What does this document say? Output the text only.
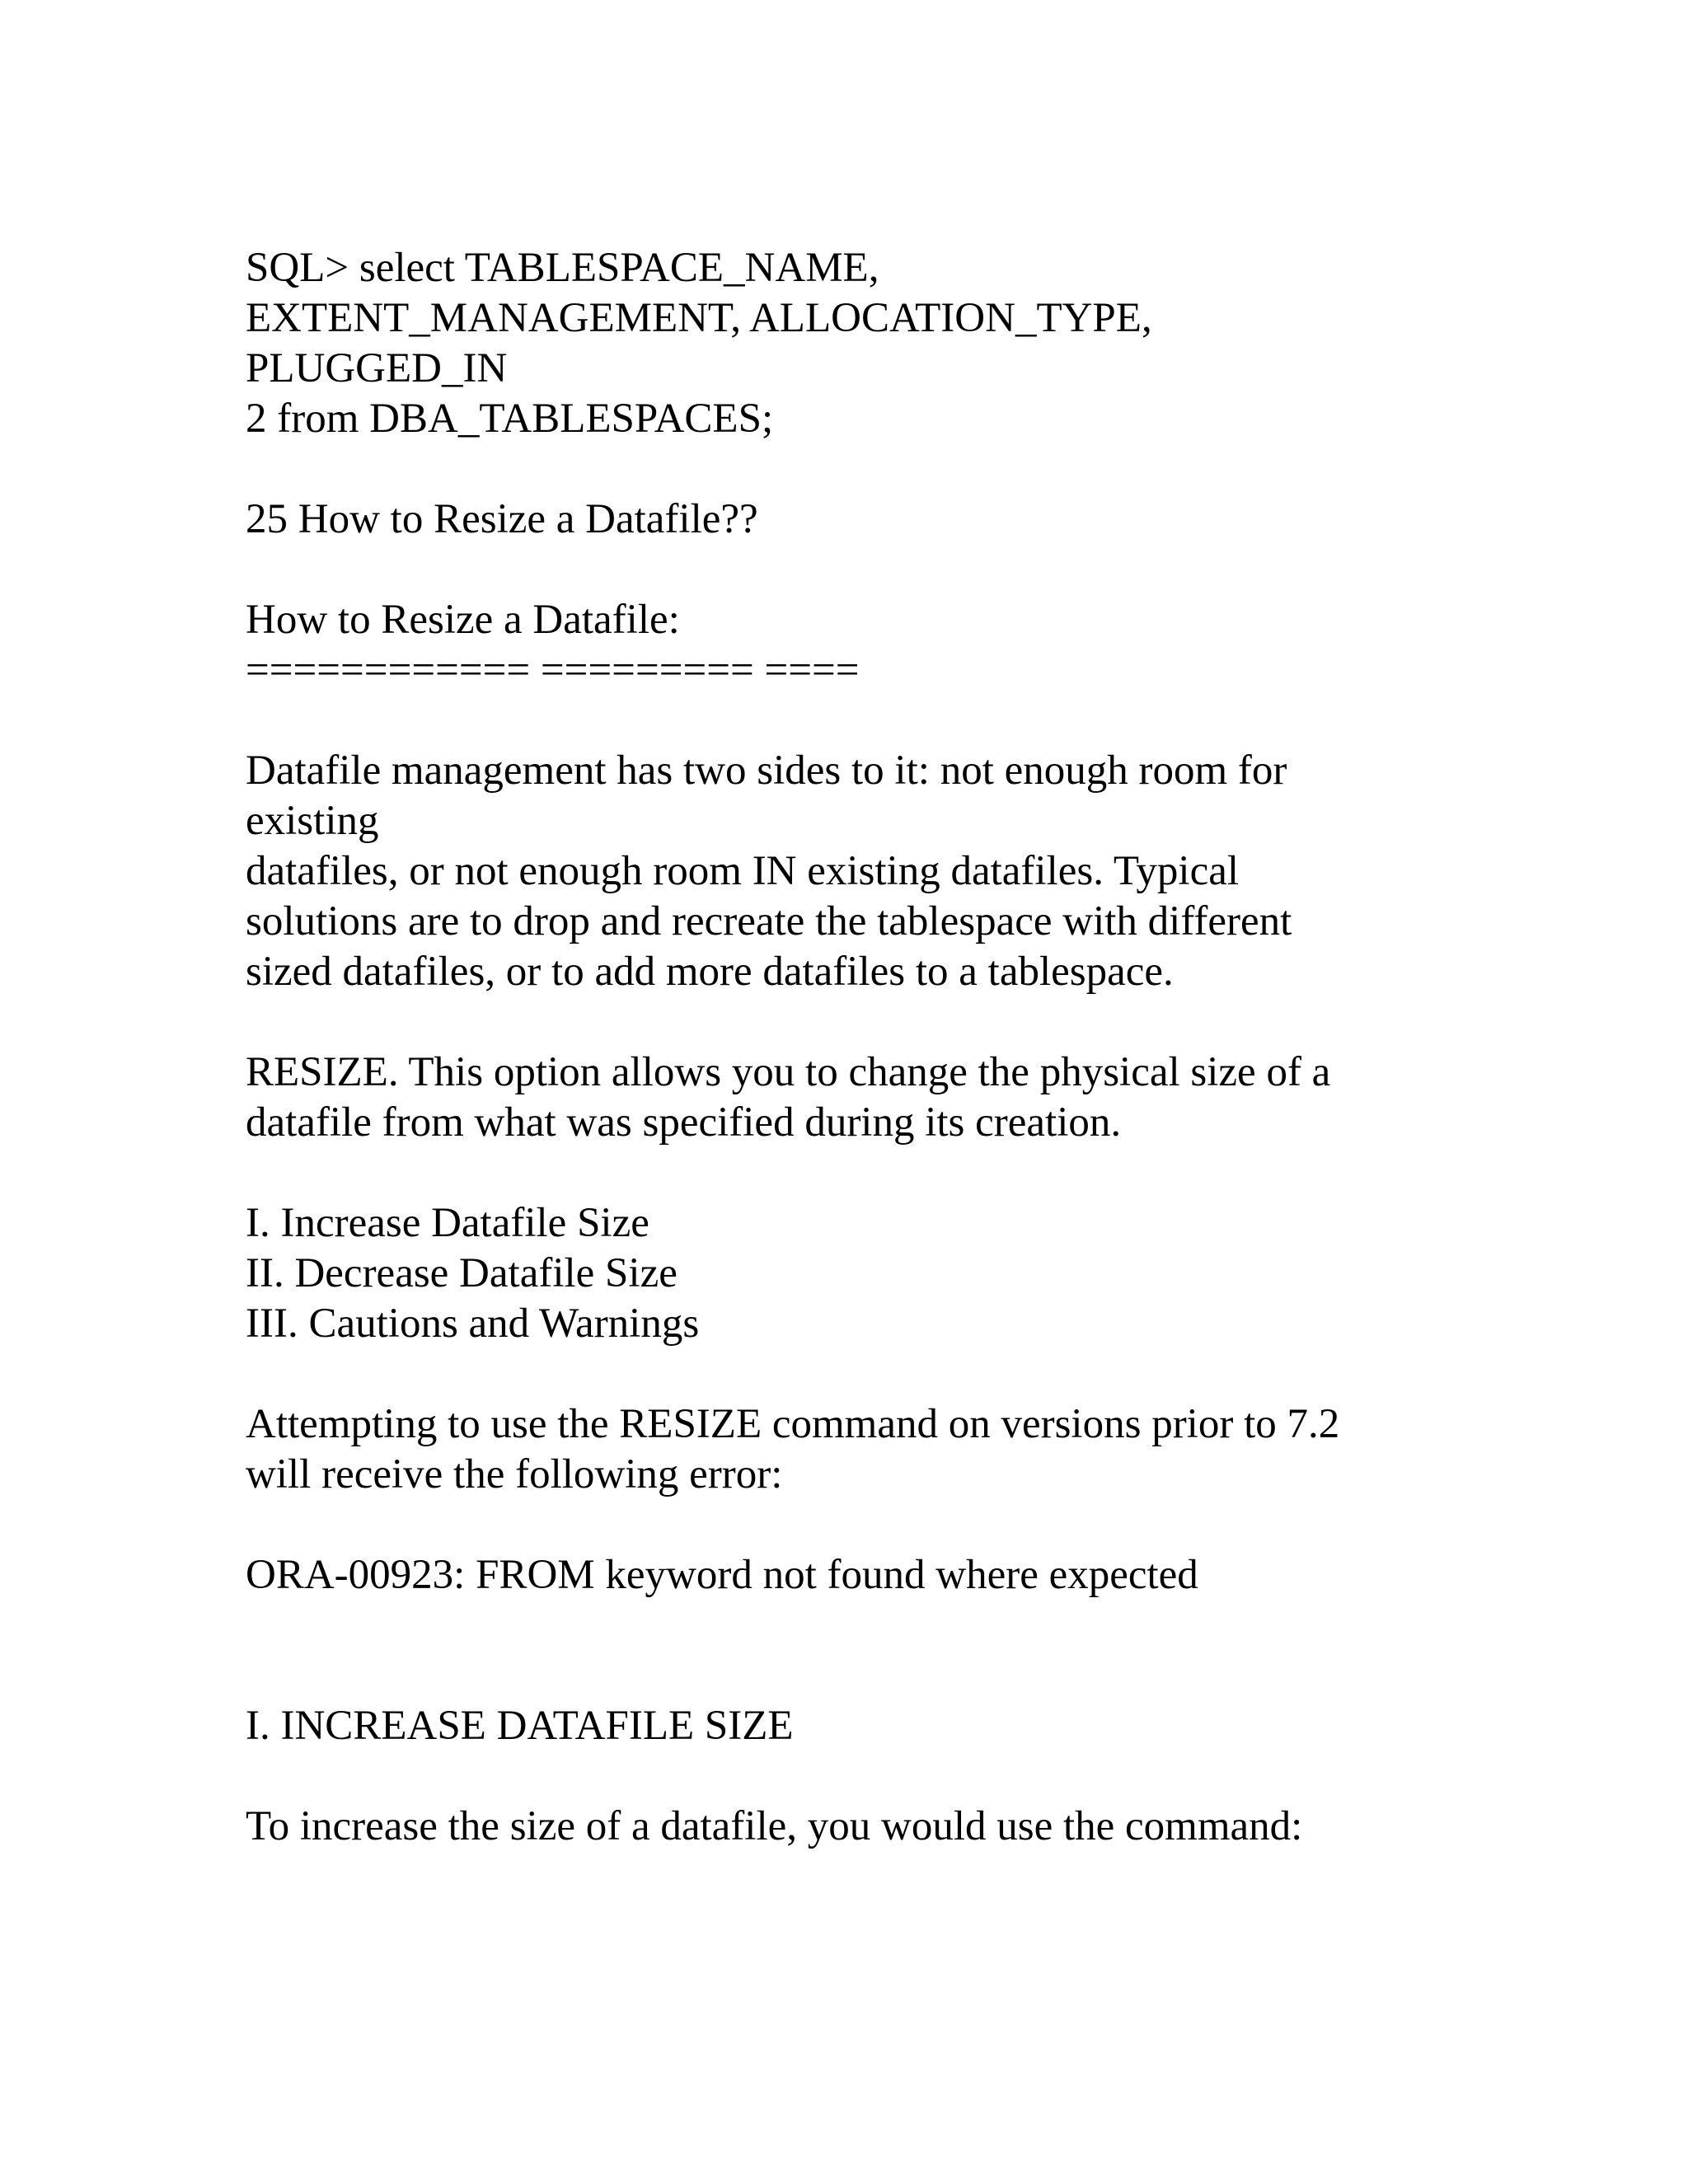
SQL> select TABLESPACE_NAME,
EXTENT_MANAGEMENT, ALLOCATION_TYPE,
PLUGGED_IN
2 from DBA_TABLESPACES;
25 How to Resize a Datafile??
How to Resize a Datafile:
============ ========= ====
Datafile management has two sides to it: not enough room for
existing
datafiles, or not enough room IN existing datafiles. Typical
solutions are to drop and recreate the tablespace with different
sized datafiles, or to add more datafiles to a tablespace.
RESIZE. This option allows you to change the physical size of a
datafile from what was specified during its creation.
I. Increase Datafile Size
II. Decrease Datafile Size
III. Cautions and Warnings
Attempting to use the RESIZE command on versions prior to 7.2
will receive the following error:
ORA-00923: FROM keyword not found where expected
I. INCREASE DATAFILE SIZE
To increase the size of a datafile, you would use the command:
